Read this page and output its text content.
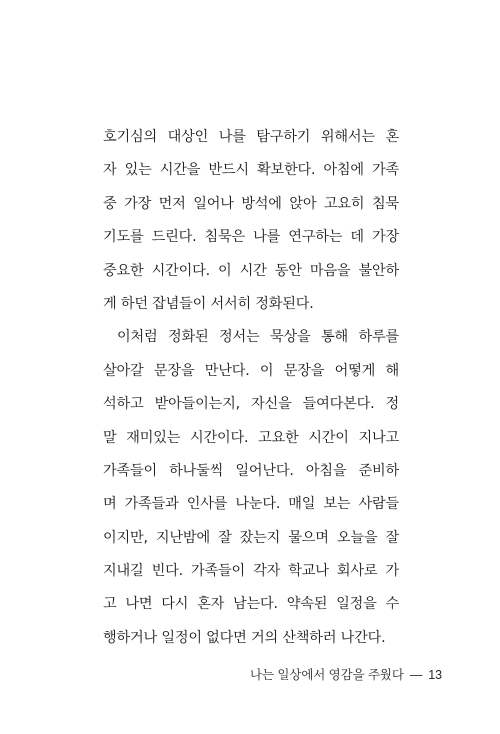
호기심의 대상인 나를 탐구하기 위해서는 혼
자 있는 시간을 반드시 확보한다. 아침에 가족
중 가장 먼저 일어나 방석에 앉아 고요히 침묵
기도를 드린다. 침묵은 나를 연구하는 데 가장
중요한 시간이다. 이 시간 동안 마음을 불안하
게 하던 잡념들이 서서히 정화된다.
이처럼 정화된 정서는 묵상을 통해 하루를
살아갈 문장을 만난다. 이 문장을 어떻게 해
석하고 받아들이는지, 자신을 들여다본다. 정
말 재미있는 시간이다. 고요한 시간이 지나고
가족들이 하나둘씩 일어난다. 아침을 준비하
며 가족들과 인사를 나눈다. 매일 보는 사람들
이지만, 지난밤에 잘 잤는지 물으며 오늘을 잘
지내길 빈다. 가족들이 각자 학교나 회사로 가
고 나면 다시 혼자 남는다. 약속된 일정을 수
행하거나 일정이 없다면 거의 산책하러 나간다.
나는 일상에서 영감을 주웠다 — 13
